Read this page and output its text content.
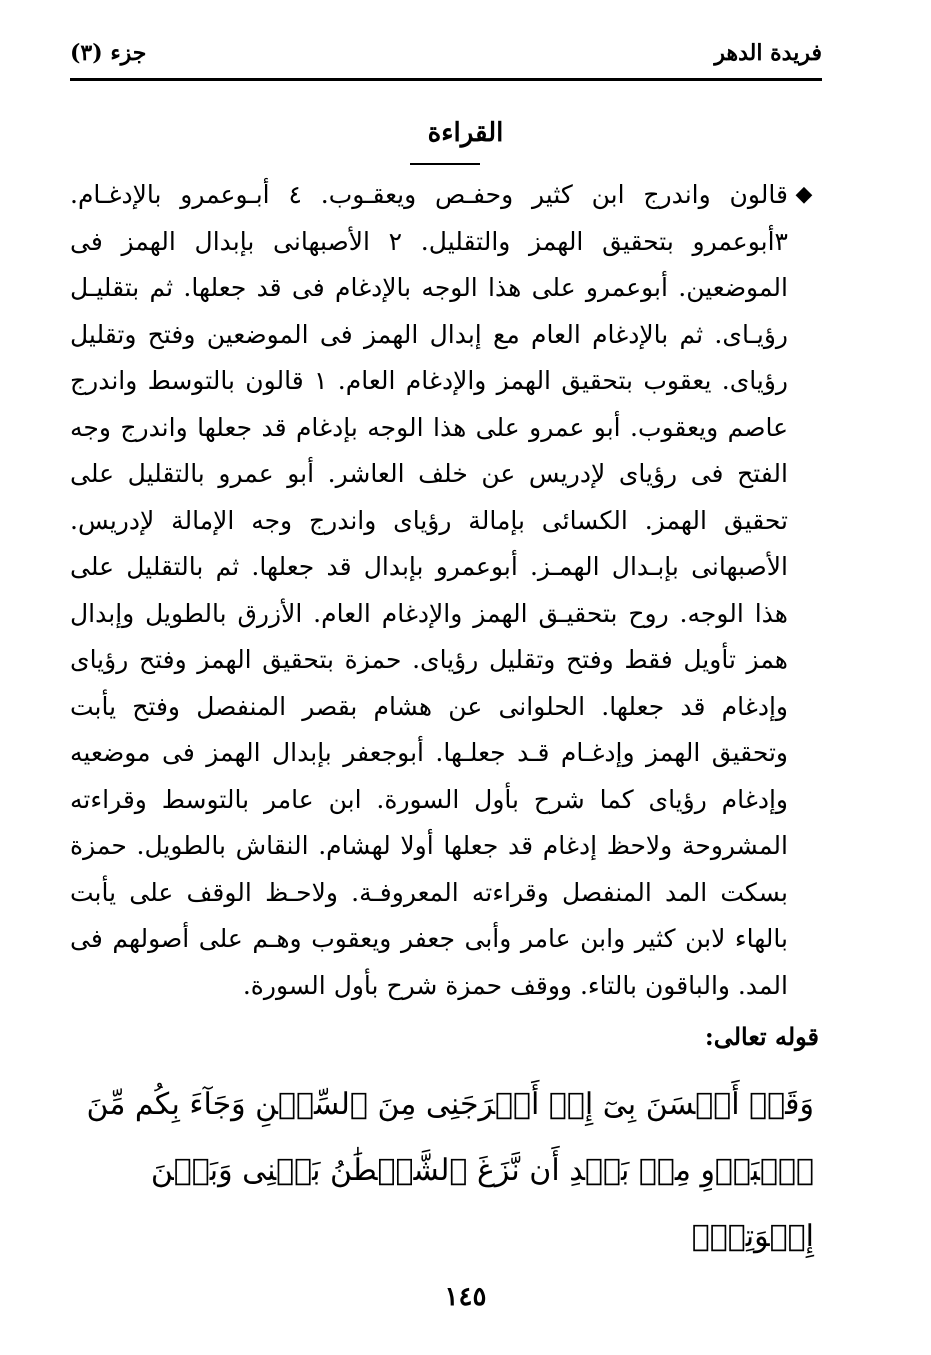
فريدة الدهر
جزء (٣)
القراءة
◆

قالون واندرج ابن كثير وحفـص ويعقـوب. ٤ أبـوعمرو بالإدغـام. ٣أبوعمرو بتحقيق الهمز والتقليل. ٢ الأصبهانى بإبدال الهمز فى الموضعين. أبوعمرو على هذا الوجه بالإدغام فى قد جعلها. ثم بتقليـل رؤيـاى. ثم بالإدغام العام مع إبدال الهمز فى الموضعين وفتح وتقليل رؤياى. يعقوب بتحقيق الهمز والإدغام العام. ١ قالون بالتوسط واندرج عاصم ويعقوب. أبو عمرو على هذا الوجه بإدغام قد جعلها واندرج وجه الفتح فى رؤياى لإدريس عن خلف العاشر. أبو عمرو بالتقليل على تحقيق الهمز. الكسائى بإمالة رؤياى واندرج وجه الإمالة لإدريس. الأصبهانى بإبـدال الهمـز. أبوعمرو بإبدال قد جعلها. ثم بالتقليل على هذا الوجه. روح بتحقيـق الهمز والإدغام العام. الأزرق بالطويل وإبدال همز تأويل فقط وفتح وتقليل رؤياى. حمزة بتحقيق الهمز وفتح رؤياى وإدغام قد جعلها. الحلوانى عن هشام بقصر المنفصل وفتح يأبت وتحقيق الهمز وإدغـام قـد جعلـها. أبوجعفر بإبدال الهمز فى موضعيه وإدغام رؤياى كما شرح بأول السورة. ابن عامر بالتوسط وقراءته المشروحة ولاحظ إدغام قد جعلها أولا لهشام. النقاش بالطويل. حمزة بسكت المد المنفصل وقراءته المعروفـة. ولاحـظ الوقف على يأبت بالهاء لابن كثير وابن عامر وأبى جعفر ويعقوب وهـم على أصولهم فى المد. والباقون بالتاء. ووقف حمزة شرح بأول السورة.

قوله تعالى:

وَقَدۡ أَحۡسَنَ بِىٓ إِذۡ أَخۡرَجَنِى مِنَ ٱلسِّجۡنِ وَجَآءَ بِكُم مِّنَ ٱلۡبَدۡوِ مِنۢ بَعۡدِ أَن نَّزَغَ ٱلشَّيۡطَٰنُ بَيۡنِى وَبَيۡنَ إِخۡوَتِىٓۚ

١٤٥
